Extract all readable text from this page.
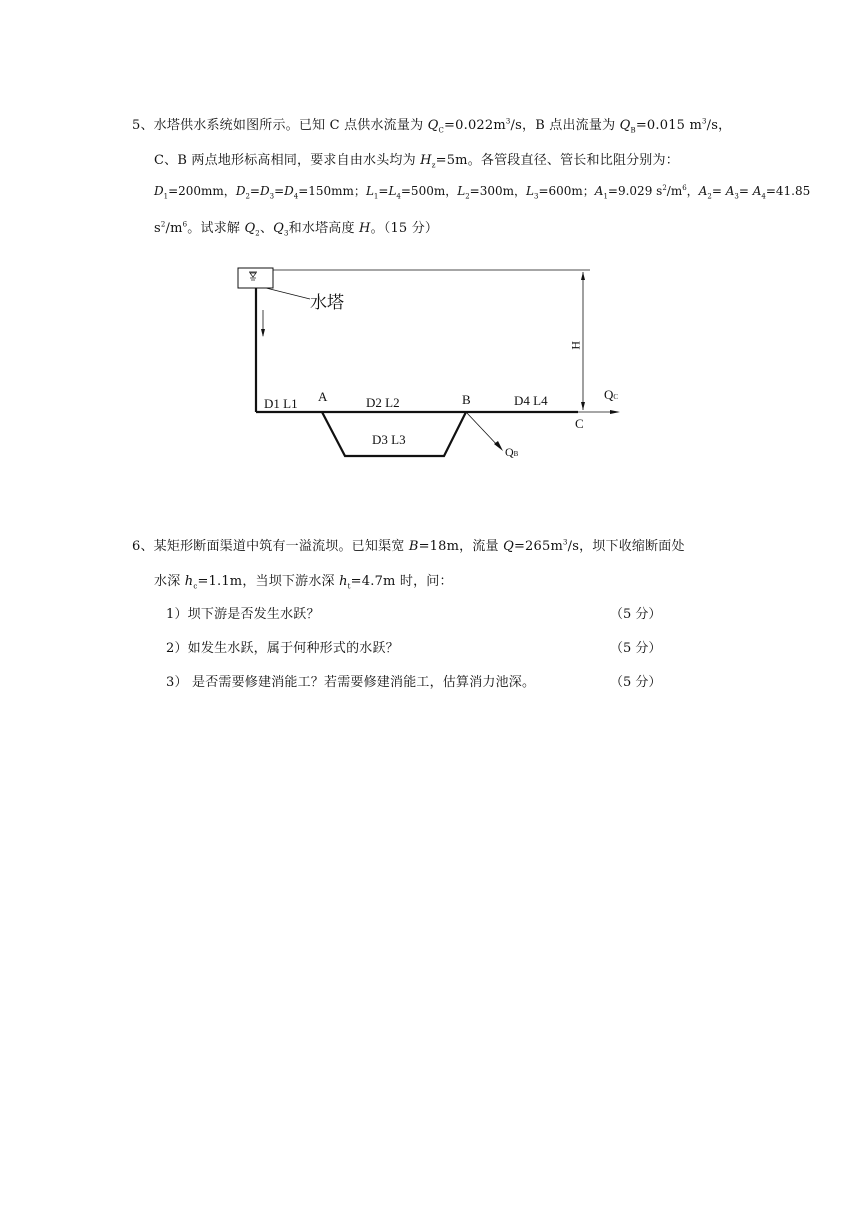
5、水塔供水系统如图所示。已知 C 点供水流量为 $Q_C=0.022m^3/s$，B 点出流量为 $Q_B=0.015$ $m^3/s$，
C、B 两点地形标高相同，要求自由水头均为 $H_z=5m$。各管段直径、管长和比阻分别为：
$D_1=200mm$，$D_2=D_3=D_4=150mm$；$L_1=L_4=500m$，$L_2=300m$，$L_3=600m$；$A_1=9.029$ $s^2/m^6$，$A_2= A_3= A_4=41.85$
$s^2/m^6$。试求解 $Q_2$、$Q_3$和水塔高度 H。（15 分）
水塔
H
D1 L1 A	D2 L2	B	D4 L4	QC
C
D3 L3
QB
6、某矩形断面渠道中筑有一溢流坝。已知渠宽 B=18m，流量 $Q=265m^3/s$，坝下收缩断面处
水深 $h_c=1.1m$，当坝下游水深 $h_t=4.7m$ 时，问：
1）坝下游是否发生水跃？	（5 分）
2）如发生水跃，属于何种形式的水跃？	（5 分）
3） 是否需要修建消能工？若需要修建消能工，估算消力池深。	（5 分）
